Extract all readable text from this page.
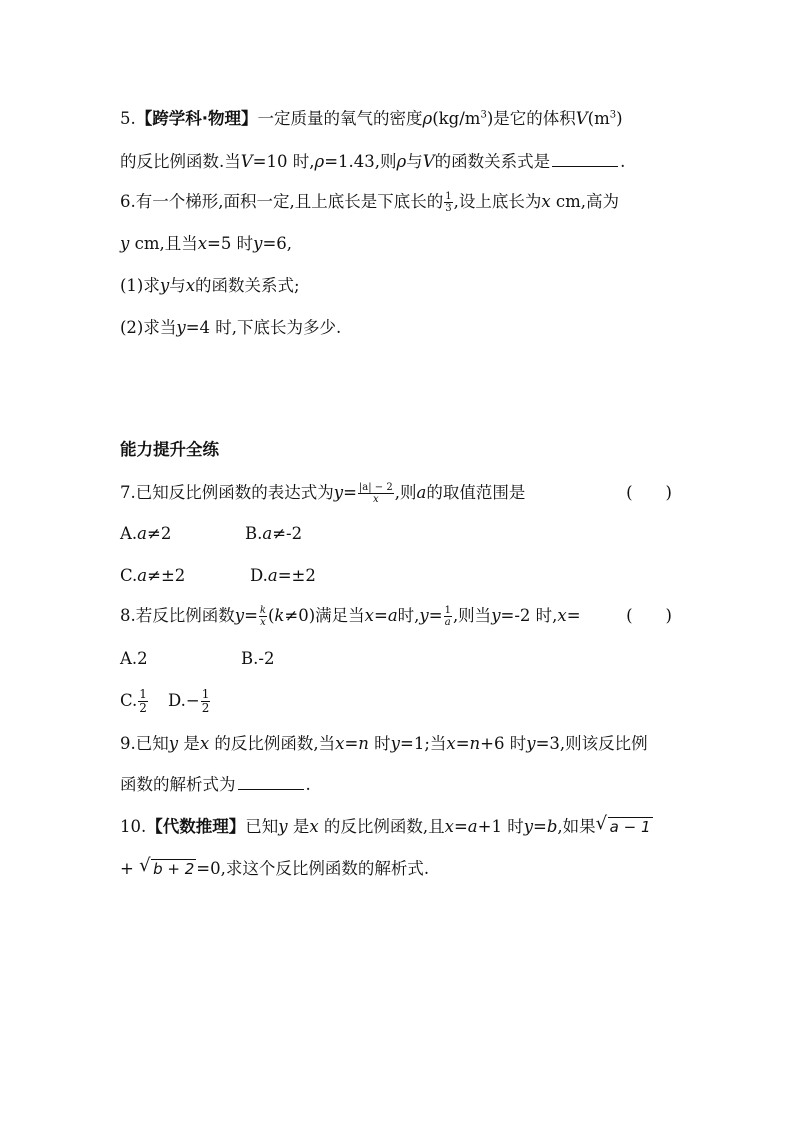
5.【跨学科·物理】一定质量的氧气的密度$\rho(kg/m^3)$是它的体积$V(m^3)$
的反比例函数.当V=10 时,ρ=1.43,则ρ与V的函数关系式是	.
6.有一个梯形,面积一定,且上底长是下底长的 $\frac{1}{3}$ ,设上底长为x cm,高为
y cm,且当x=5 时y=6,
(1)求y与x的函数关系式;
(2)求当y=4 时,下底长为多少.
能力提升全练
7.已知反比例函数的表达式为$y= \frac{|a| - 2}{x}$ ,则a的取值范围是	(　　)
A.a≠2	B.a≠-2
C.a≠±2	D.a=±2
8.若反比例函数$y= \frac{k}{x} (k\ne 0)$满足当x=a时$,y= \frac{1}{a}$ ,则当y=-2 时,x=	(　　)
A.2	B.-2
C. $\frac{1}{2} D.- \frac{1}{2}$
9.已知y 是x 的反比例函数,当x=n 时y=1;当x=n+6 时y=3,则该反比例
函数的解析式为	.
10.【代数推理】已知y 是x 的反比例函数,且x=a+1 时y=b,如果 √ a − 1
+ √ b + 2 =0,求这个反比例函数的解析式.
